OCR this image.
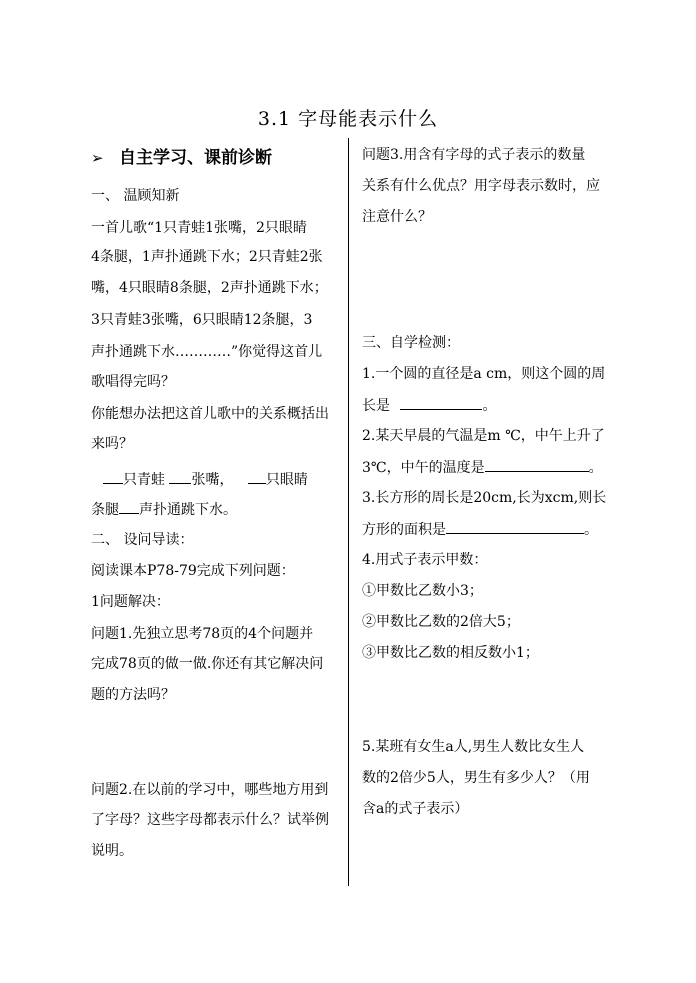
3.1 字母能表示什么
➢ 自主学习、课前诊断
一、 温顾知新
一首儿歌“1只青蛙1张嘴，2只眼睛
4条腿，1声扑通跳下水；2只青蛙2张
嘴，4只眼睛8条腿，2声扑通跳下水；
3只青蛙3张嘴，6只眼睛12条腿，3
声扑通跳下水…………”你觉得这首儿
歌唱得完吗？
你能想办法把这首儿歌中的关系概括出
来吗？
只青蛙 张嘴， 只眼睛
条腿 声扑通跳下水。
二、 设问导读：
阅读课本P78-79完成下列问题：
1问题解决：
问题1.先独立思考78页的4个问题并
完成78页的做一做.你还有其它解决问
题的方法吗？
问题2.在以前的学习中，哪些地方用到
了字母？这些字母都表示什么？试举例
说明。
问题3.用含有字母的式子表示的数量
关系有什么优点？用字母表示数时，应
注意什么？
三、自学检测：
1.一个圆的直径是a cm，则这个圆的周
长是	。
2.某天早晨的气温是m ℃，中午上升了
3℃，中午的温度是	。
3.长方形的周长是20cm,长为xcm,则长
方形的面积是	。
4.用式子表示甲数：
①甲数比乙数小3；
②甲数比乙数的2倍大5；
③甲数比乙数的相反数小1；
5.某班有女生a人,男生人数比女生人
数的2倍少5人，男生有多少人？（用
含a的式子表示）
